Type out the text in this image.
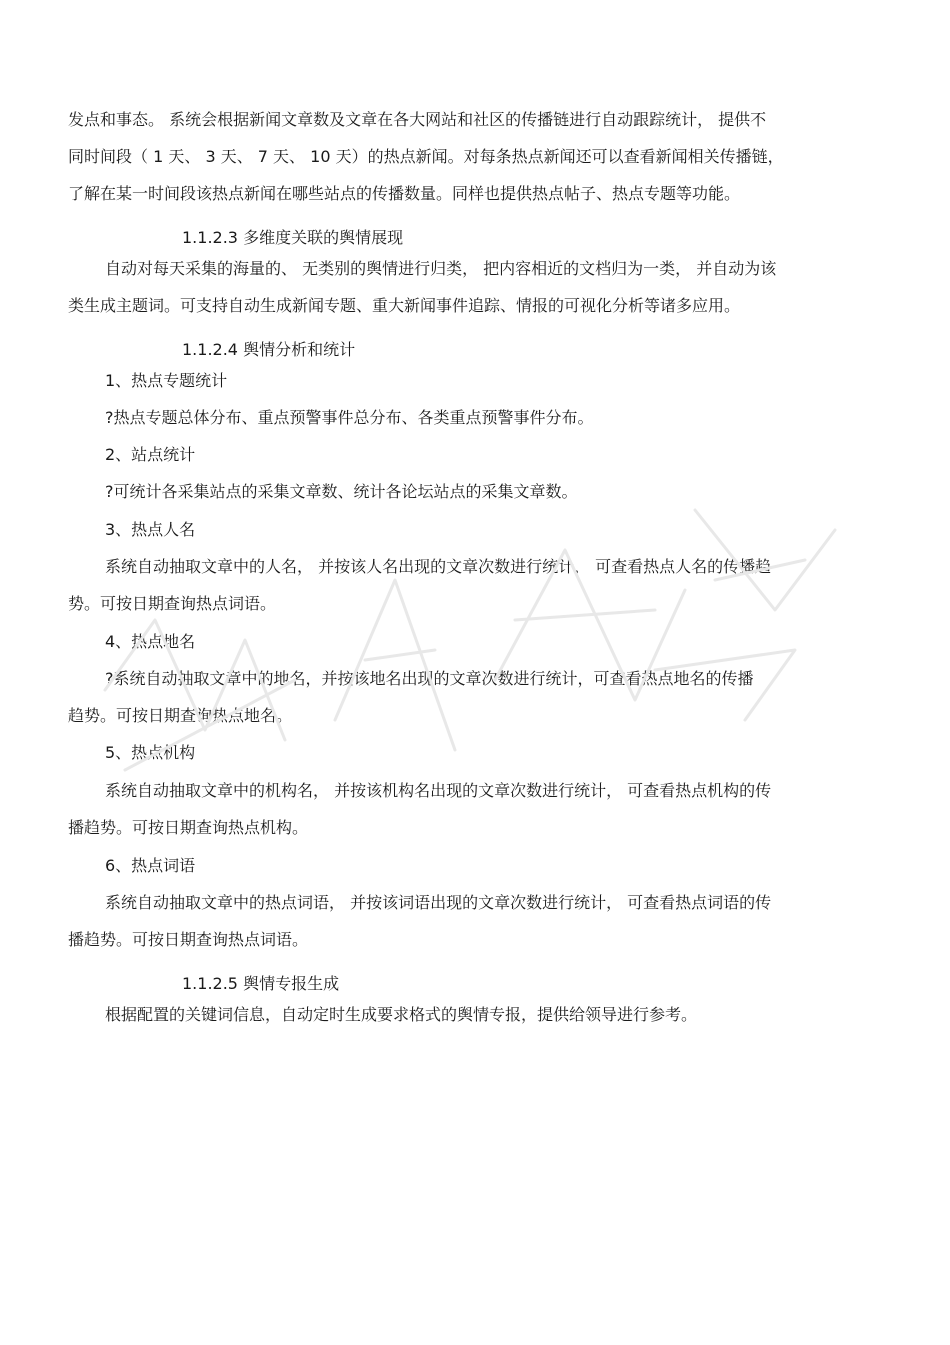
发点和事态。 系统会根据新闻文章数及文章在各大网站和社区的传播链进行自动跟踪统计， 提供不
同时间段（ 1 天、 3 天、 7 天、 10 天）的热点新闻。对每条热点新闻还可以查看新闻相关传播链，
了解在某一时间段该热点新闻在哪些站点的传播数量。同样也提供热点帖子、热点专题等功能。
1.1.2.3 多维度关联的舆情展现
自动对每天采集的海量的、 无类别的舆情进行归类， 把内容相近的文档归为一类， 并自动为该
类生成主题词。可支持自动生成新闻专题、重大新闻事件追踪、情报的可视化分析等诸多应用。
1.1.2.4 舆情分析和统计
1、热点专题统计
?热点专题总体分布、重点预警事件总分布、各类重点预警事件分布。
2、站点统计
?可统计各采集站点的采集文章数、统计各论坛站点的采集文章数。
3、热点人名
系统自动抽取文章中的人名， 并按该人名出现的文章次数进行统计， 可查看热点人名的传播趋
势。可按日期查询热点词语。
4、热点地名
?系统自动抽取文章中的地名，并按该地名出现的文章次数进行统计，可查看热点地名的传播
趋势。可按日期查询热点地名。
5、热点机构
系统自动抽取文章中的机构名， 并按该机构名出现的文章次数进行统计， 可查看热点机构的传
播趋势。可按日期查询热点机构。
6、热点词语
系统自动抽取文章中的热点词语， 并按该词语出现的文章次数进行统计， 可查看热点词语的传
播趋势。可按日期查询热点词语。
1.1.2.5 舆情专报生成
根据配置的关键词信息，自动定时生成要求格式的舆情专报，提供给领导进行参考。
